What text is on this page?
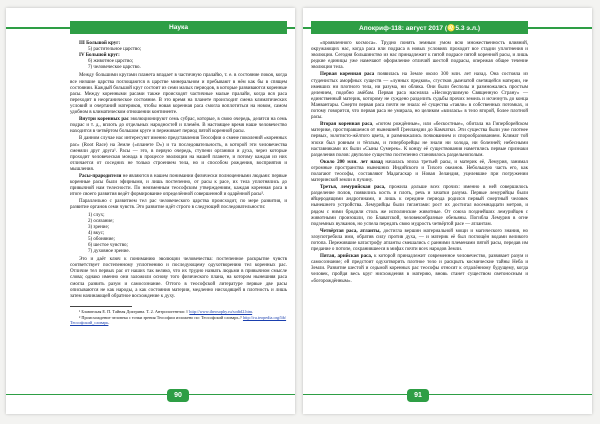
Наука
III Большой круг:
5) растительное царство;
IV Большой круг:
6) животное царство;
7) человеческое царство.

Между большими кругами планета впадает в частичную пралайю, т. е. в состояние покоя, когда все низшие царства поглощаются в царстве минеральном и пребывают в нём как бы в спящем состоянии. Каждый большой круг состоит из семи малых периодов, в которые развиваются коренные расы. Между коренными расами также происходят частичные малые пралайи, когда вся раса переходит в неорганическое состояние. В это время на планете происходит смена климатических условий и очертаний материков, чтобы новая коренная раса смогла воплотиться на новом, самом удобном в климатическом отношении континенте.

Внутри коренных рас эволюционируют семь субрас, которые, в свою очередь, делятся на семь подрас и т. д., вплоть до отдельных народностей и племён. В настоящее время наше человечество находится в четвёртом большом круге и переживает период пятой коренной расы.

В данном случае нас интересуют именно представления Теософии о смене поколений «коренных рас» (Root Race) на Земле («планете D») и та последовательность, в которой эти человечества сменяли друг друга¹. Расы — это, в первую очередь, ступени органики и духа, через которые проходит человеческая монада в процессе эволюции на нашей планете, и потому каждая из них отличается от соседних не только строением тела, но и способом рождения, восприятия и мышления.

Расы-прародители не являются в нашем понимании физически полноценными людьми: первые коренные расы были эфирными, и лишь постепенно, от расы к расе, их тела уплотнялись до привычной нам телесности. По неизменным теософским утверждениям, каждая коренная раса в итоге своего развития ведёт формирование определённой совершенной и одарённой расы².

Параллельно с развитием тел рас человеческого царства происходит, по мере развития, и развитие органов семи чувств. Это развитие идёт строго в следующей последовательности:

1) слух;
2) осязание;
3) зрение;
4) вкус;
5) обоняние;
6) шестое чувство;
7) духовное зрение.

Это и даёт ключ к пониманию эволюции человечества: постепенное раскрытие чувств соответствует постепенному уплотнению и последующему одухотворению тел коренных рас. Отличие тел первых рас от наших так велико, что их трудно назвать людьми в привычном смысле слова; однако именно они заложили основу того физического плана, на котором нынешняя раса смогла развить разум и самосознание. Оттого в теософской литературе первые две расы описываются не как народы, а как состояния материи, медленно нисходящей в плотность и лишь затем начинающей обратное восхождение к духу.

¹ Блаватская Е. П. Тайная Доктрина. Т. 2. Антропогенезис // http://www.theosophy.ru/sodtd2.htm.

² Происхождение человека с точки зрения Теософии изложено по: Теософский словарь // http://ru.teopedia.org/lib/Теософский_словарь.

90
Апокриф-118: август 2017 (♌5.3 э.л.)

«проявленного космоса». Трудно понять земным умом всю множественность влияний, окружающих нас, когда раса или подраса в новых условиях проходит все стадии уплотнения и эволюции. Сегодня большинство из нас принадлежит к пятой подрасе пятой коренной расы, и лишь редкие единицы уже намечают оформление отличий шестой подрасы, опережая общее течение эволюции тела.

Первая коренная раса появилась на Земле около 300 млн. лет назад. Она состояла из студенистых аморфных существ — «лунных предков», сгустков дымчатой светящейся материи, не имевших ни плотного тела, ни разума, ни облика. Они были бесполы и размножались простым делением, подобно амёбам. Первая раса населяла «Несокрушимую Священную Страну» — единственный материк, которому не суждено разделить судьбы прочих земель и исчезнуть до конца Манвантары. Смерти первая раса почти не знала: её существа «таяли» в собственных потомках, и потому говорится, что первая раса не умирала, но целиком «влилась» в тело второй, более плотной расы.

Вторая коренная раса, «потом рождённые», или «бескостные», обитала на Гиперборейском материке, простиравшемся от нынешней Гренландии до Камчатки. Эти существа были уже плотнее первых, золотисто-жёлтого цвета, и размножались почкованием и спорообразованием. Климат той эпохи был ровным и тёплым, и гиперборейцы не знали ни холода, ни болезней; небесными наставниками их были «Сыны Сумерек». К концу её существования наметились первые признаки разделения полов: двуполое существо постепенно становилось раздельнополым.

Около 200 млн. лет назад началась эпоха третьей расы, и материк её, Лемурия, занимал огромные пространства нынешних Индийского и Тихого океанов. Небольшую часть его, как полагают теософы, составляют Мадагаскар и Новая Зеландия, уцелевшие при погружении материнской земли в пучину.

Третья, лемурийская раса, прожила дольше всех прочих: именно в ней совершилось разделение полов, появились кость и плоть, речь и зачатки разума. Первые лемурийцы были яйцеродящими андрогинами, и лишь к середине периода родился первый смертный человек нынешнего устройства. Лемурийцы были гигантами: рост их достигал восемнадцати метров, и рядом с ними бродили столь же исполинские животные. От союза позднейших лемурийцев с животными произошли, по Блаватской, человекообразные обезьяны. Погибла Лемурия в огне подземных вулканов, но успела передать свою мудрость четвёртой расе — атлантам.

Четвёртая раса, атланты, достигла вершин материальной мощи и магического знания, но злоупотребила ими, обратив силу против духа, — и материк её был поглощён водами великого потопа. Пережившие катастрофу атланты смешались с ранними племенами пятой расы, передав им предание о потопе, сохранившееся в мифах почти всех народов Земли.

Пятая, арийская раса, к которой принадлежит современное человечество, развивает разум и самосознание; ей предстоит одухотворить плотное тело и раскрыть космические тайны Неба и Земли. Развитие шестой и седьмой коренных рас теософы относят к отдалённому будущему, когда человек, пройдя весь круг нисхождения в материю, вновь станет существом светоносным и «богорождённым».

91
